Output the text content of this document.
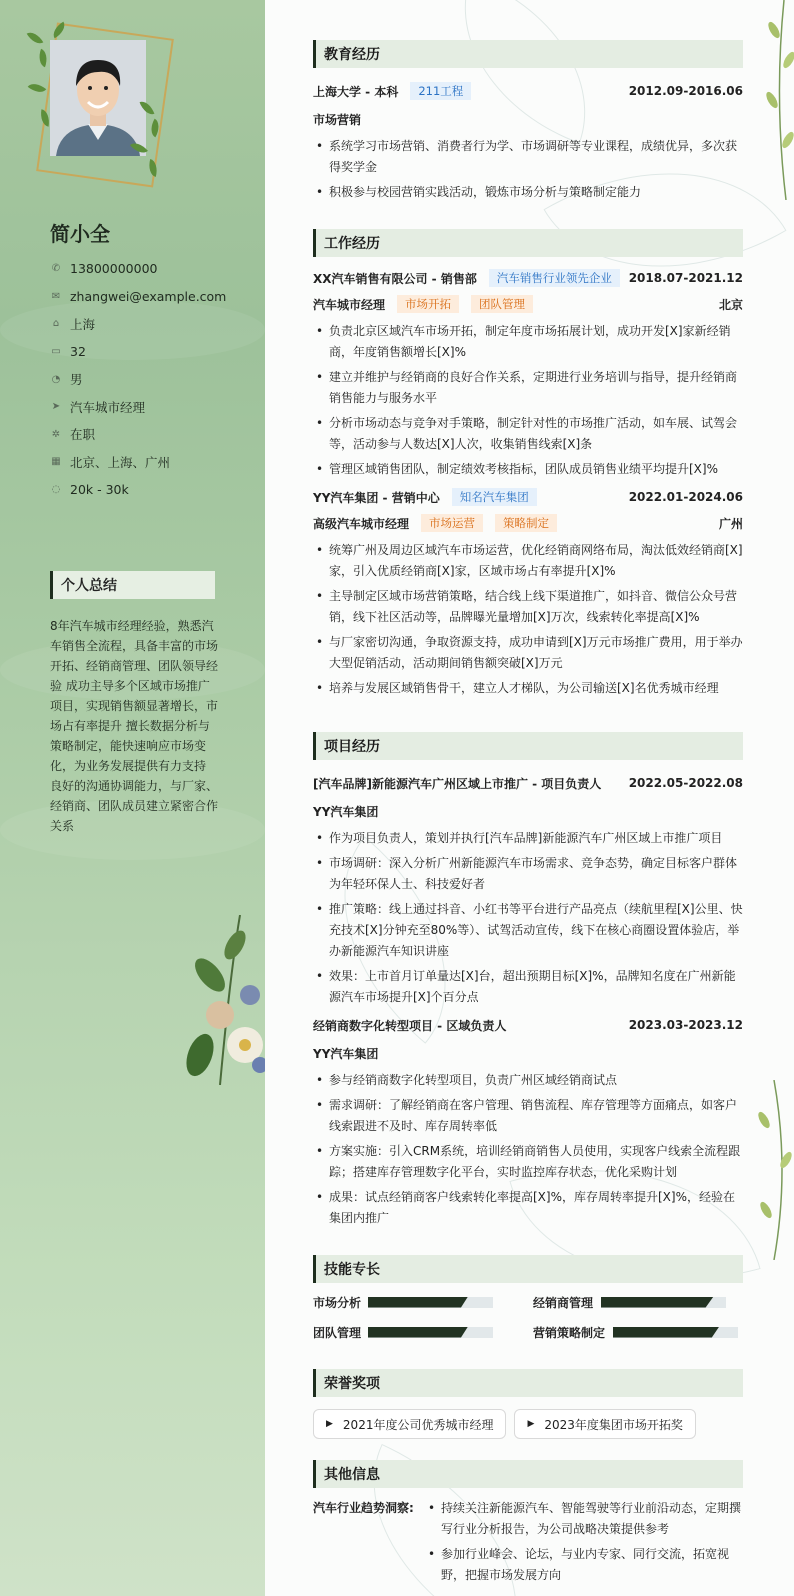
简小全
✆ 13800000000
✉ zhangwei@example.com
⌂ 上海
▭ 32
◔ 男
➤ 汽车城市经理
✲ 在职
▦ 北京、上海、广州
◌ 20k - 30k
个人总结
8年汽车城市经理经验，熟悉汽车销售全流程，具备丰富的市场开拓、经销商管理、团队领导经验 成功主导多个区域市场推广项目，实现销售额显著增长，市场占有率提升 擅长数据分析与策略制定，能快速响应市场变化，为业务发展提供有力支持 良好的沟通协调能力，与厂家、经销商、团队成员建立紧密合作关系
教育经历
上海大学 - 本科	211工程	2012.09-2016.06
市场营销
• 系统学习市场营销、消费者行为学、市场调研等专业课程，成绩优异，多次获得奖学金
• 积极参与校园营销实践活动，锻炼市场分析与策略制定能力
工作经历
XX汽车销售有限公司 - 销售部	汽车销售行业领先企业	2018.07-2021.12
汽车城市经理	市场开拓	团队管理	北京
• 负责北京区域汽车市场开拓，制定年度市场拓展计划，成功开发[X]家新经销商，年度销售额增长[X]%
• 建立并维护与经销商的良好合作关系，定期进行业务培训与指导，提升经销商销售能力与服务水平
• 分析市场动态与竞争对手策略，制定针对性的市场推广活动，如车展、试驾会等，活动参与人数达[X]人次，收集销售线索[X]条
• 管理区域销售团队，制定绩效考核指标，团队成员销售业绩平均提升[X]%
YY汽车集团 - 营销中心	知名汽车集团	2022.01-2024.06
高级汽车城市经理	市场运营	策略制定	广州
• 统筹广州及周边区域汽车市场运营，优化经销商网络布局，淘汰低效经销商[X]家，引入优质经销商[X]家，区域市场占有率提升[X]%
• 主导制定区域市场营销策略，结合线上线下渠道推广，如抖音、微信公众号营销，线下社区活动等，品牌曝光量增加[X]万次，线索转化率提高[X]%
• 与厂家密切沟通，争取资源支持，成功申请到[X]万元市场推广费用，用于举办大型促销活动，活动期间销售额突破[X]万元
• 培养与发展区域销售骨干，建立人才梯队，为公司输送[X]名优秀城市经理
项目经历
[汽车品牌]新能源汽车广州区域上市推广 - 项目负责人 2022.05-2022.08
YY汽车集团
• 作为项目负责人，策划并执行[汽车品牌]新能源汽车广州区域上市推广项目
• 市场调研：深入分析广州新能源汽车市场需求、竞争态势，确定目标客户群体为年轻环保人士、科技爱好者
• 推广策略：线上通过抖音、小红书等平台进行产品亮点（续航里程[X]公里、快充技术[X]分钟充至80%等）、试驾活动宣传，线下在核心商圈设置体验店，举办新能源汽车知识讲座
• 效果：上市首月订单量达[X]台，超出预期目标[X]%，品牌知名度在广州新能源汽车市场提升[X]个百分点
经销商数字化转型项目 - 区域负责人	2023.03-2023.12
YY汽车集团
• 参与经销商数字化转型项目，负责广州区域经销商试点
• 需求调研：了解经销商在客户管理、销售流程、库存管理等方面痛点，如客户线索跟进不及时、库存周转率低
• 方案实施：引入CRM系统，培训经销商销售人员使用，实现客户线索全流程跟踪；搭建库存管理数字化平台，实时监控库存状态，优化采购计划
• 成果：试点经销商客户线索转化率提高[X]%，库存周转率提升[X]%，经验在集团内推广
技能专长
市场分析	经销商管理
团队管理	营销策略制定
荣誉奖项
▶ 2021年度公司优秀城市经理	▶ 2023年度集团市场开拓奖
其他信息
汽车行业趋势洞察:
•	持续关注新能源汽车、智能驾驶等行业前沿动态，定期撰写行业分析报告，为公司战略决策提供参考
• 参加行业峰会、论坛，与业内专家、同行交流，拓宽视野，把握市场发展方向
